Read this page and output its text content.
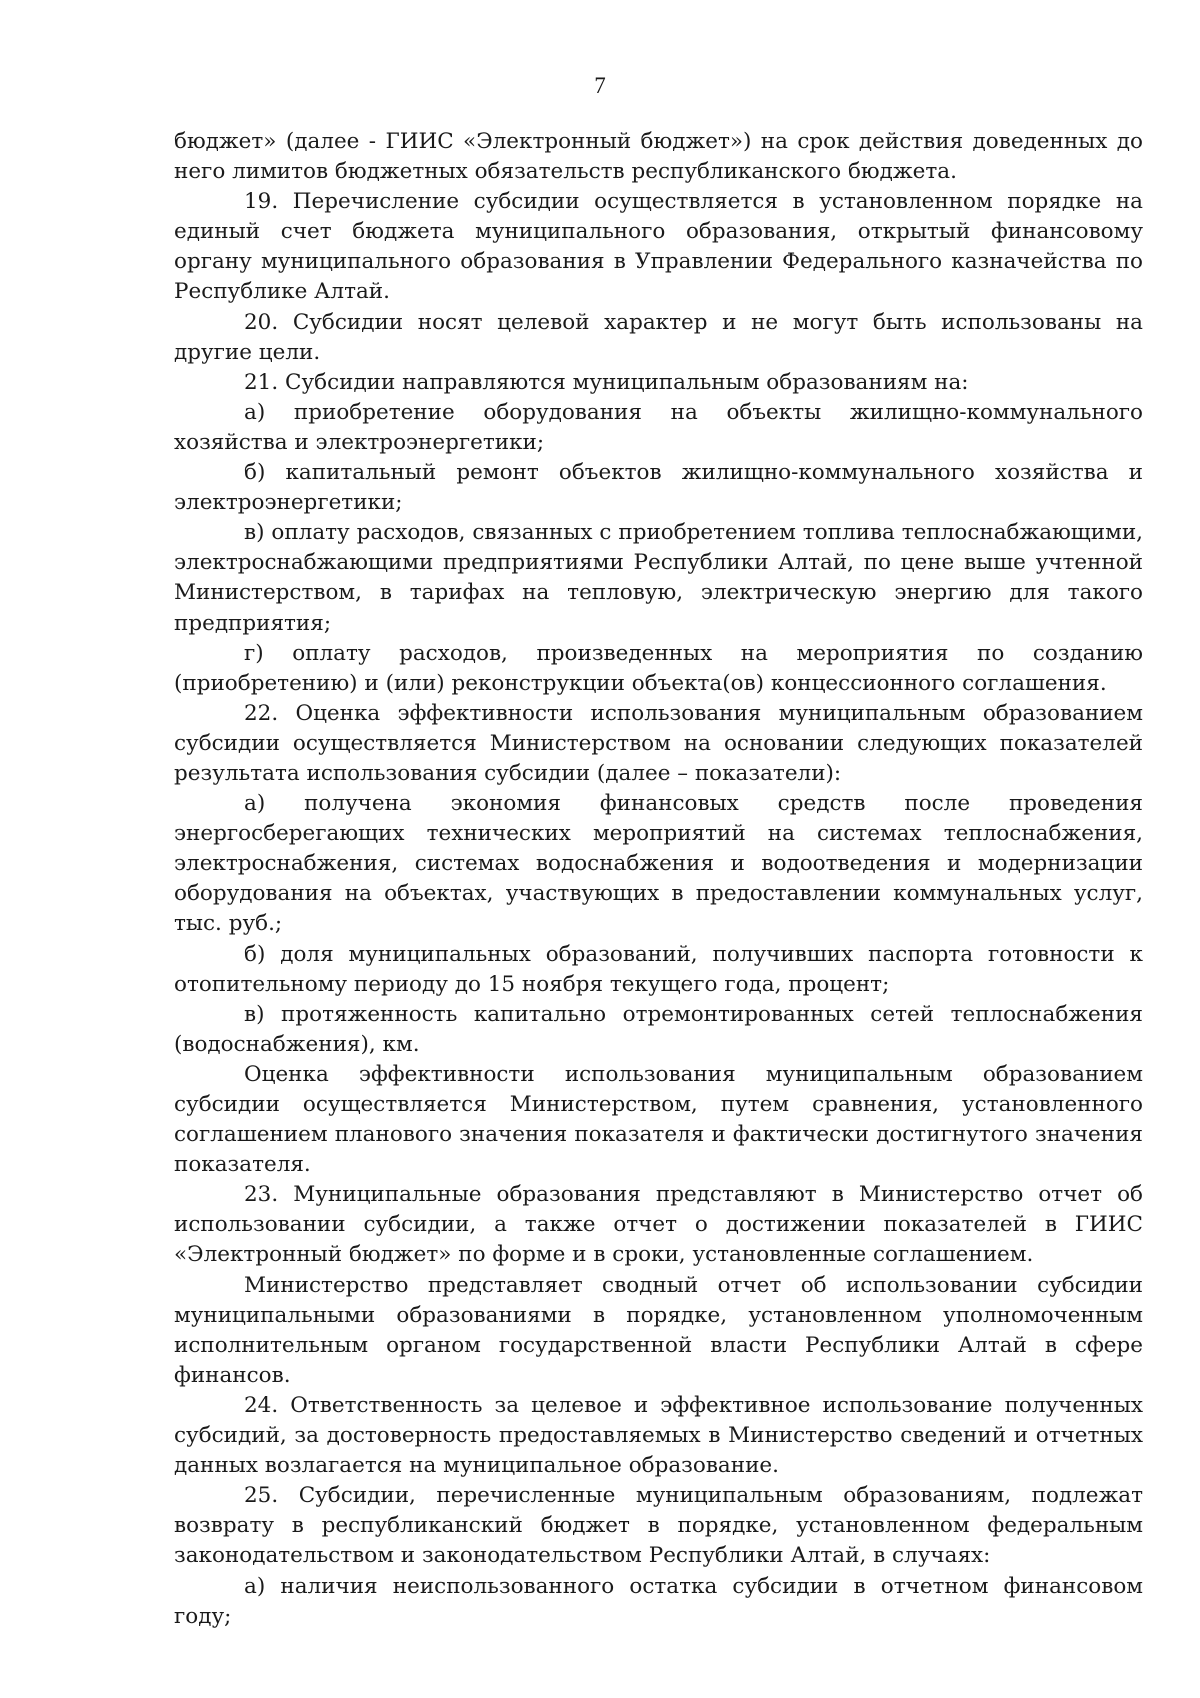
7

бюджет» (далее - ГИИС «Электронный бюджет») на срок действия доведенных до него лимитов бюджетных обязательств республиканского бюджета.

19. Перечисление субсидии осуществляется в установленном порядке на единый счет бюджета муниципального образования, открытый финансовому органу муниципального образования в Управлении Федерального казначейства по Республике Алтай.

20. Субсидии носят целевой характер и не могут быть использованы на другие цели.

21. Субсидии направляются муниципальным образованиям на:

а) приобретение оборудования на объекты жилищно-коммунального хозяйства и электроэнергетики;

б) капитальный ремонт объектов жилищно-коммунального хозяйства и электроэнергетики;

в) оплату расходов, связанных с приобретением топлива теплоснабжающими, электроснабжающими предприятиями Республики Алтай, по цене выше учтенной Министерством, в тарифах на тепловую, электрическую энергию для такого предприятия;

г) оплату расходов, произведенных на мероприятия по созданию (приобретению) и (или) реконструкции объекта(ов) концессионного соглашения.

22. Оценка эффективности использования муниципальным образованием субсидии осуществляется Министерством на основании следующих показателей результата использования субсидии (далее – показатели):

а) получена экономия финансовых средств после проведения энергосберегающих технических мероприятий на системах теплоснабжения, электроснабжения, системах водоснабжения и водоотведения и модернизации оборудования на объектах, участвующих в предоставлении коммунальных услуг, тыс. руб.;

б) доля муниципальных образований, получивших паспорта готовности к отопительному периоду до 15 ноября текущего года, процент;

в) протяженность капитально отремонтированных сетей теплоснабжения (водоснабжения), км.

Оценка эффективности использования муниципальным образованием субсидии осуществляется Министерством, путем сравнения, установленного соглашением планового значения показателя и фактически достигнутого значения показателя.

23. Муниципальные образования представляют в Министерство отчет об использовании субсидии, а также отчет о достижении показателей в ГИИС «Электронный бюджет» по форме и в сроки, установленные соглашением.

Министерство представляет сводный отчет об использовании субсидии муниципальными образованиями в порядке, установленном уполномоченным исполнительным органом государственной власти Республики Алтай в сфере финансов.

24. Ответственность за целевое и эффективное использование полученных субсидий, за достоверность предоставляемых в Министерство сведений и отчетных данных возлагается на муниципальное образование.

25. Субсидии, перечисленные муниципальным образованиям, подлежат возврату в республиканский бюджет в порядке, установленном федеральным законодательством и законодательством Республики Алтай, в случаях:

а) наличия неиспользованного остатка субсидии в отчетном финансовом году;
